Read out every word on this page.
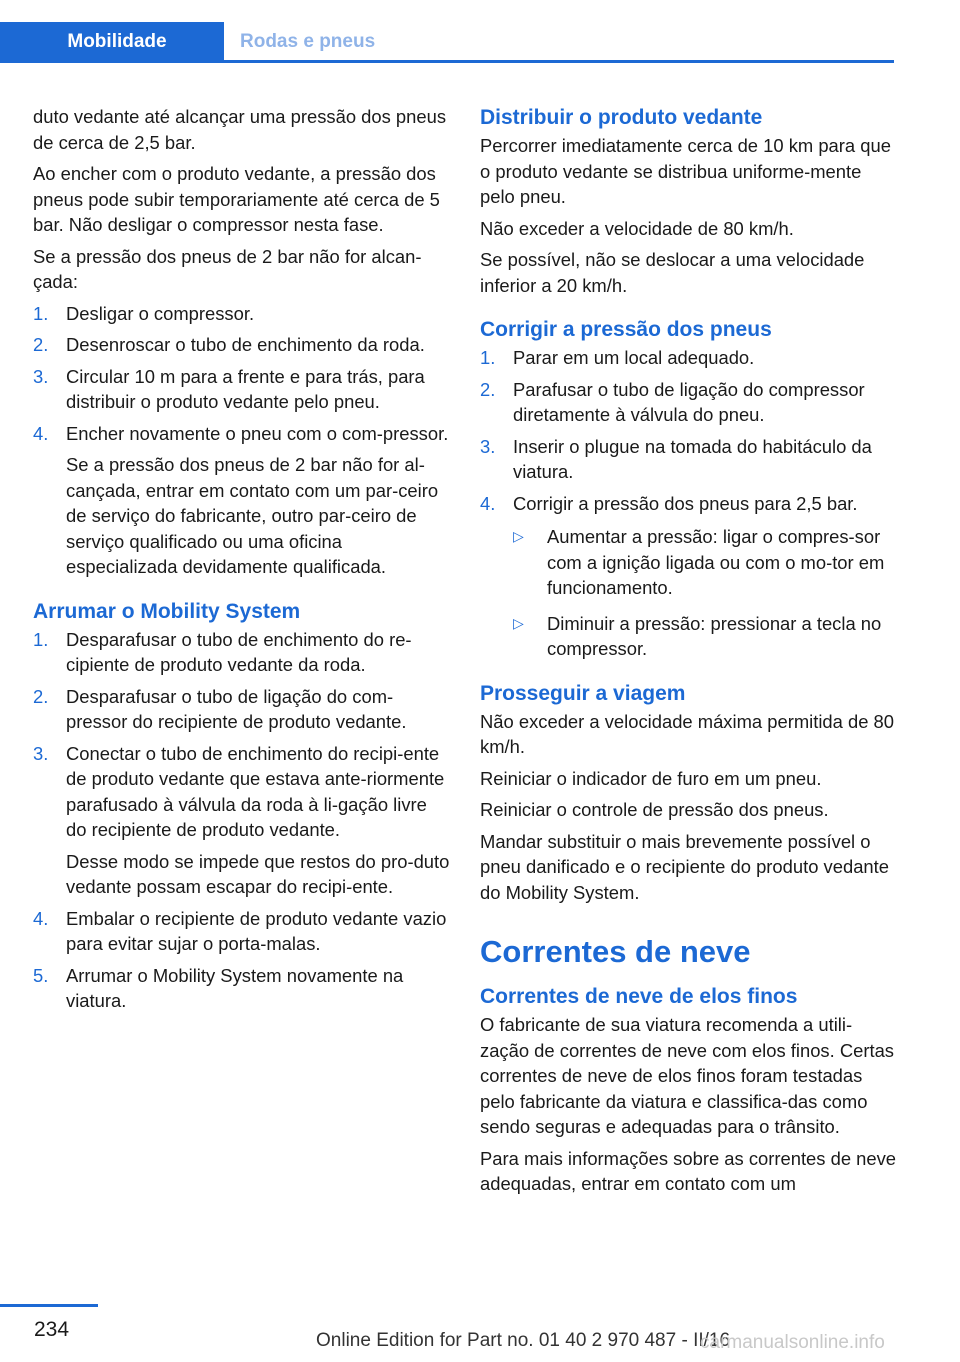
Mobilidade	Rodas e pneus

duto vedante até alcançar uma pressão dos pneus de cerca de 2,5 bar.

Ao encher com o produto vedante, a pressão dos pneus pode subir temporariamente até cerca de 5 bar. Não desligar o compressor nesta fase.

Se a pressão dos pneus de 2 bar não for alcan‐çada:

1. Desligar o compressor.
2. Desenroscar o tubo de enchimento da roda.
3. Circular 10 m para a frente e para trás, para distribuir o produto vedante pelo pneu.
4. Encher novamente o pneu com o com‐pressor.

Se a pressão dos pneus de 2 bar não for al‐cançada, entrar em contato com um par‐ceiro de serviço do fabricante, outro par‐ceiro de serviço qualificado ou uma oficina especializada devidamente qualificada.

Arrumar o Mobility System
1. Desparafusar o tubo de enchimento do re‐cipiente de produto vedante da roda.
2. Desparafusar o tubo de ligação do com‐pressor do recipiente de produto vedante.
3. Conectar o tubo de enchimento do recipi‐ente de produto vedante que estava ante‐riormente parafusado à válvula da roda à li‐gação livre do recipiente de produto vedante.

Desse modo se impede que restos do pro‐duto vedante possam escapar do recipi‐ente.

4. Embalar o recipiente de produto vedante vazio para evitar sujar o porta-malas.
5. Arrumar o Mobility System novamente na viatura.
Distribuir o produto vedante

Percorrer imediatamente cerca de 10 km para que o produto vedante se distribua uniforme‐mente pelo pneu.

Não exceder a velocidade de 80 km/h.

Se possível, não se deslocar a uma velocidade inferior a 20 km/h.

Corrigir a pressão dos pneus
1. Parar em um local adequado.
2. Parafusar o tubo de ligação do compressor diretamente à válvula do pneu.
3. Inserir o plugue na tomada do habitáculo da viatura.
4. Corrigir a pressão dos pneus para 2,5 bar.
▷ Aumentar a pressão: ligar o compres‐sor com a ignição ligada ou com o mo‐tor em funcionamento.
▷ Diminuir a pressão: pressionar a tecla no compressor.
Prosseguir a viagem

Não exceder a velocidade máxima permitida de 80 km/h.

Reiniciar o indicador de furo em um pneu.

Reiniciar o controle de pressão dos pneus.

Mandar substituir o mais brevemente possível o pneu danificado e o recipiente do produto vedante do Mobility System.

Correntes de neve
Correntes de neve de elos finos

O fabricante de sua viatura recomenda a utili‐zação de correntes de neve com elos finos. Certas correntes de neve de elos finos foram testadas pelo fabricante da viatura e classifica‐das como sendo seguras e adequadas para o trânsito.

Para mais informações sobre as correntes de neve adequadas, entrar em contato com um

234	Online Edition for Part no. 01 40 2 970 487 - II/16
carmanualsonline.info
